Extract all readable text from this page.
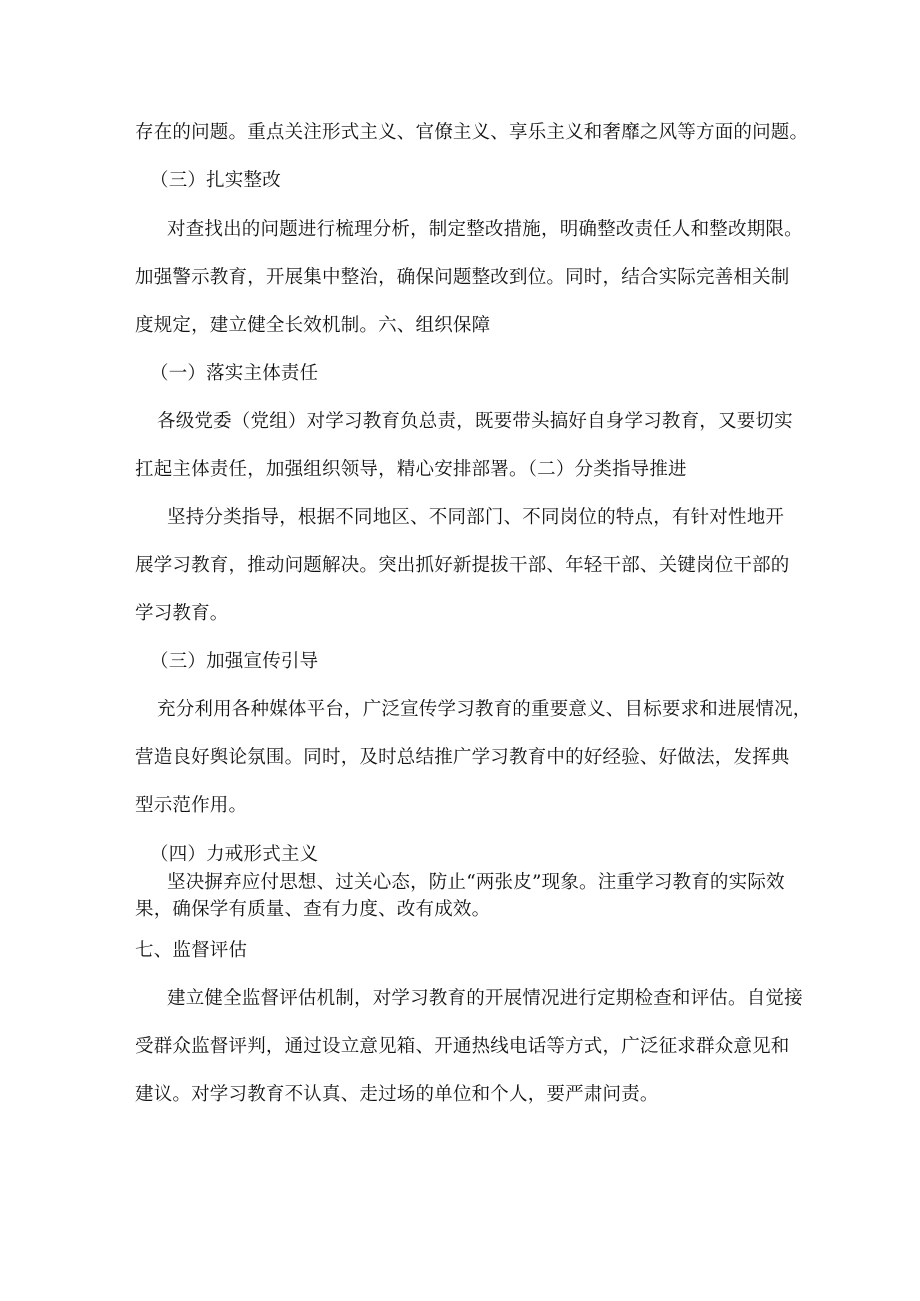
存在的问题。重点关注形式主义、官僚主义、享乐主义和奢靡之风等方面的问题。
（三）扎实整改
对查找出的问题进行梳理分析，制定整改措施，明确整改责任人和整改期限。
加强警示教育，开展集中整治，确保问题整改到位。同时，结合实际完善相关制
度规定，建立健全长效机制。六、组织保障
（一）落实主体责任
各级党委（党组）对学习教育负总责，既要带头搞好自身学习教育，又要切实
扛起主体责任，加强组织领导，精心安排部署。（二）分类指导推进
坚持分类指导，根据不同地区、不同部门、不同岗位的特点，有针对性地开
展学习教育，推动问题解决。突出抓好新提拔干部、年轻干部、关键岗位干部的
学习教育。
（三）加强宣传引导
充分利用各种媒体平台，广泛宣传学习教育的重要意义、目标要求和进展情况，
营造良好舆论氛围。同时，及时总结推广学习教育中的好经验、好做法，发挥典
型示范作用。
（四）力戒形式主义
坚决摒弃应付思想、过关心态，防止“两张皮”现象。注重学习教育的实际效
果，确保学有质量、查有力度、改有成效。
七、监督评估
建立健全监督评估机制，对学习教育的开展情况进行定期检查和评估。自觉接
受群众监督评判，通过设立意见箱、开通热线电话等方式，广泛征求群众意见和
建议。对学习教育不认真、走过场的单位和个人，要严肃问责。
